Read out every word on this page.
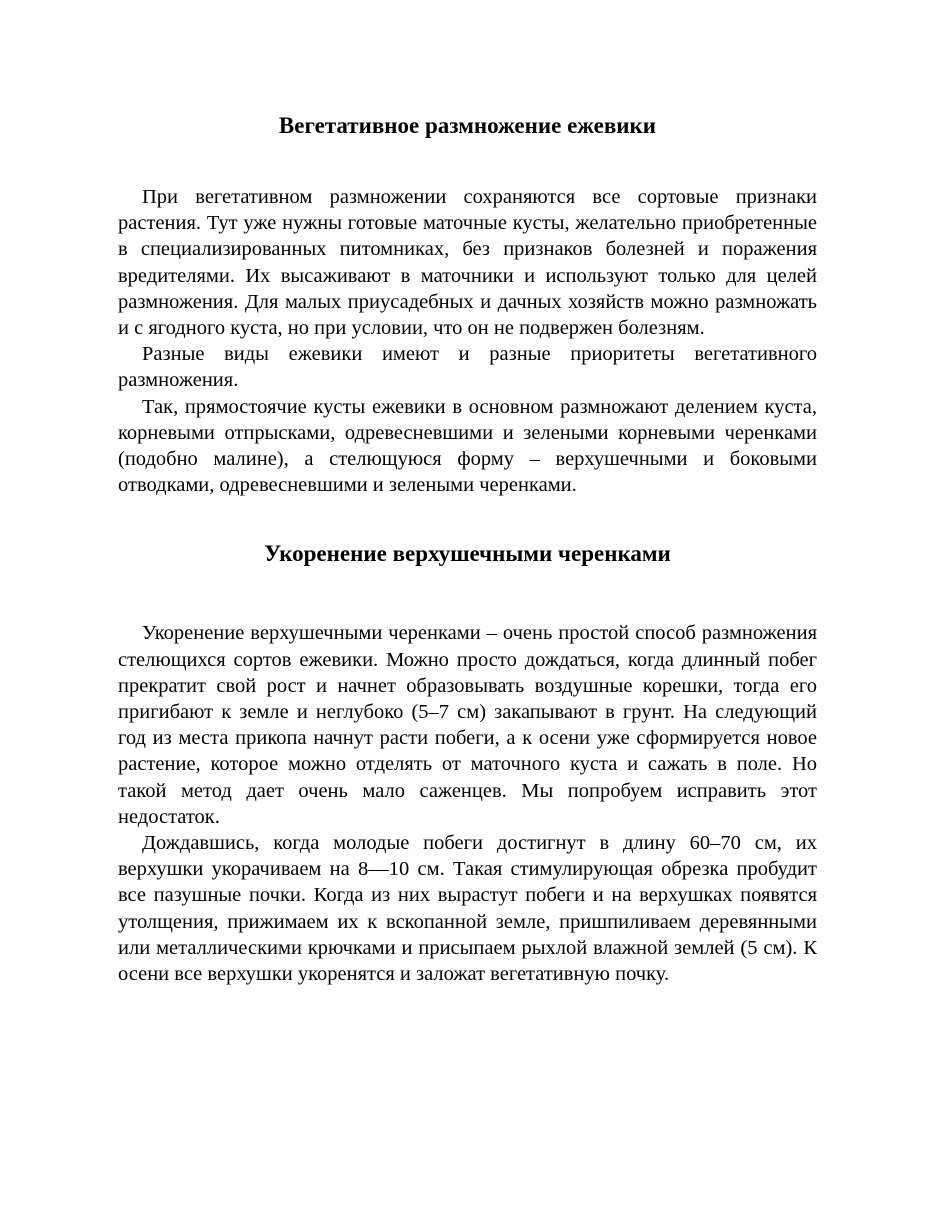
Вегетативное размножение ежевики

При вегетативном размножении сохраняются все сортовые признаки растения. Тут уже нужны готовые маточные кусты, желательно приобретенные в специализированных питомниках, без признаков болезней и поражения вредителями. Их высаживают в маточники и используют только для целей размножения. Для малых приусадебных и дачных хозяйств можно размножать и с ягодного куста, но при условии, что он не подвержен болезням.

Разные виды ежевики имеют и разные приоритеты вегетативного размножения.

Так, прямостоячие кусты ежевики в основном размножают делением куста, корневыми отпрысками, одревесневшими и зелеными корневыми черенками (подобно малине), а стелющуюся форму – верхушечными и боковыми отводками, одревесневшими и зелеными черенками.

Укоренение верхушечными черенками

Укоренение верхушечными черенками – очень простой способ размножения стелющихся сортов ежевики. Можно просто дождаться, когда длинный побег прекратит свой рост и начнет образовывать воздушные корешки, тогда его пригибают к земле и неглубоко (5–7 см) закапывают в грунт. На следующий год из места прикопа начнут расти побеги, а к осени уже сформируется новое растение, которое можно отделять от маточного куста и сажать в поле. Но такой метод дает очень мало саженцев. Мы попробуем исправить этот недостаток.

Дождавшись, когда молодые побеги достигнут в длину 60–70 см, их верхушки укорачиваем на 8—10 см. Такая стимулирующая обрезка пробудит все пазушные почки. Когда из них вырастут побеги и на верхушках появятся утолщения, прижимаем их к вскопанной земле, пришпиливаем деревянными или металлическими крючками и присыпаем рыхлой влажной землей (5 см). К осени все верхушки укоренятся и заложат вегетативную почку.
